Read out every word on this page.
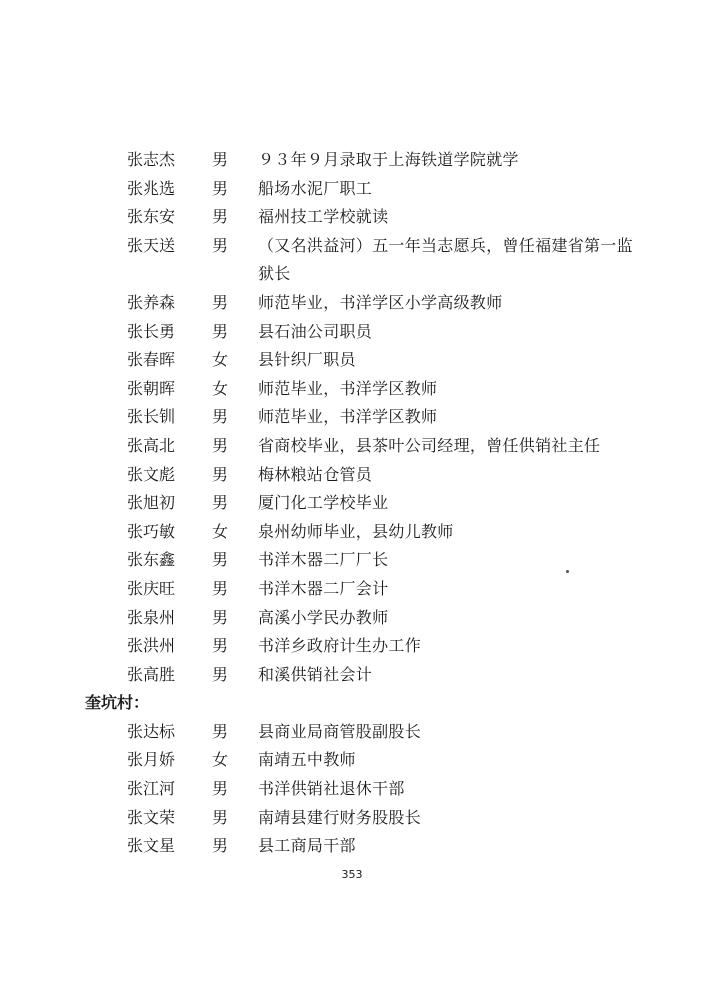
张志杰	男	９３年９月录取于上海铁道学院就学
张兆选	男	船场水泥厂职工
张东安	男	福州技工学校就读
张天送	男	（又名洪益河）五一年当志愿兵，曾任福建省第一监狱长
张养森	男	师范毕业，书洋学区小学高级教师
张长勇	男	县石油公司职员
张春晖	女	县针织厂职员
张朝晖	女	师范毕业，书洋学区教师
张长钏	男	师范毕业，书洋学区教师
张高北	男	省商校毕业，县茶叶公司经理，曾任供销社主任
张文彪	男	梅林粮站仓管员
张旭初	男	厦门化工学校毕业
张巧敏	女	泉州幼师毕业，县幼儿教师
张东鑫	男	书洋木器二厂厂长
张庆旺	男	书洋木器二厂会计
张泉州	男	高溪小学民办教师
张洪州	男	书洋乡政府计生办工作
张高胜	男	和溪供销社会计
奎坑村：
张达标	男	县商业局商管股副股长
张月娇	女	南靖五中教师
张江河	男	书洋供销社退休干部
张文荣	男	南靖县建行财务股股长
张文星	男	县工商局干部
353
